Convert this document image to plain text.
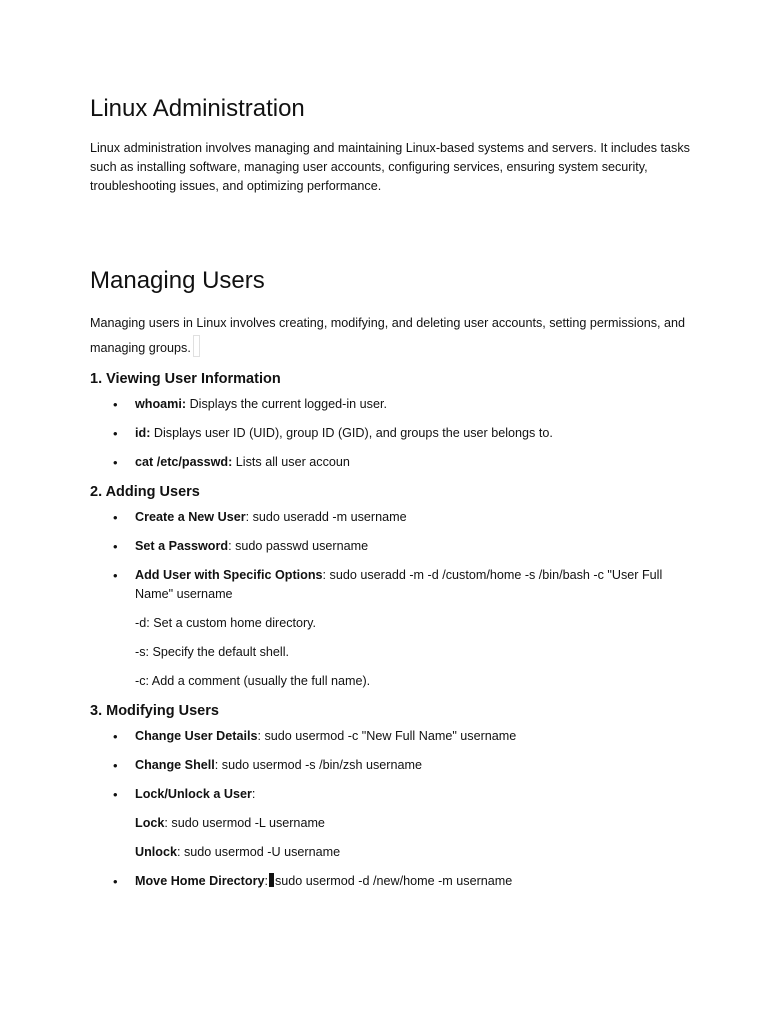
Linux Administration

Linux administration involves managing and maintaining Linux-based systems and servers. It includes tasks such as installing software, managing user accounts, configuring services, ensuring system security, troubleshooting issues, and optimizing performance.

Managing Users

Managing users in Linux involves creating, modifying, and deleting user accounts, setting permissions, and managing groups.

1. Viewing User Information
• whoami: Displays the current logged-in user.
• id: Displays user ID (UID), group ID (GID), and groups the user belongs to.
• cat /etc/passwd: Lists all user accoun
2. Adding Users
• Create a New User: sudo useradd -m username
• Set a Password: sudo passwd username
• Add User with Specific Options: sudo useradd -m -d /custom/home -s /bin/bash -c "User Full Name" username
-d: Set a custom home directory.
-s: Specify the default shell.
-c: Add a comment (usually the full name).
3. Modifying Users
• Change User Details: sudo usermod -c "New Full Name" username
• Change Shell: sudo usermod -s /bin/zsh username
• Lock/Unlock a User:
Lock: sudo usermod -L username
Unlock: sudo usermod -U username
• Move Home Directory: sudo usermod -d /new/home -m username
